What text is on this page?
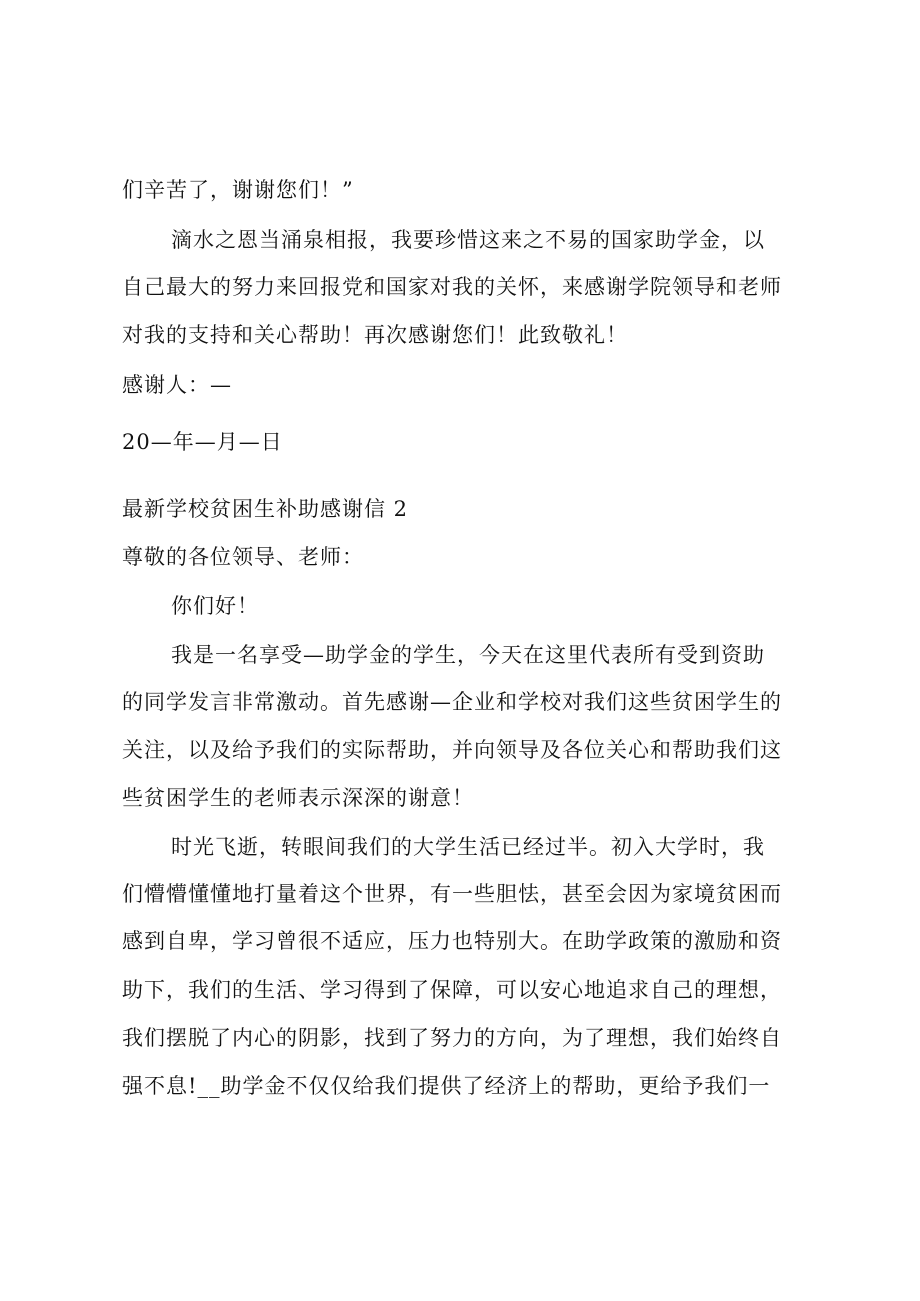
们辛苦了，谢谢您们！”
滴水之恩当涌泉相报，我要珍惜这来之不易的国家助学金，以
自己最大的努力来回报党和国家对我的关怀，来感谢学院领导和老师
对我的支持和关心帮助！再次感谢您们！此致敬礼！
感谢人：—
20—年—月—日
最新学校贫困生补助感谢信 2
尊敬的各位领导、老师：
你们好！
我是一名享受—助学金的学生，今天在这里代表所有受到资助
的同学发言非常激动。首先感谢—企业和学校对我们这些贫困学生的
关注，以及给予我们的实际帮助，并向领导及各位关心和帮助我们这
些贫困学生的老师表示深深的谢意！
时光飞逝，转眼间我们的大学生活已经过半。初入大学时，我
们懵懵懂懂地打量着这个世界，有一些胆怯，甚至会因为家境贫困而
感到自卑，学习曾很不适应，压力也特别大。在助学政策的激励和资
助下，我们的生活、学习得到了保障，可以安心地追求自己的理想，
我们摆脱了内心的阴影，找到了努力的方向，为了理想，我们始终自
强不息!__助学金不仅仅给我们提供了经济上的帮助，更给予我们一
